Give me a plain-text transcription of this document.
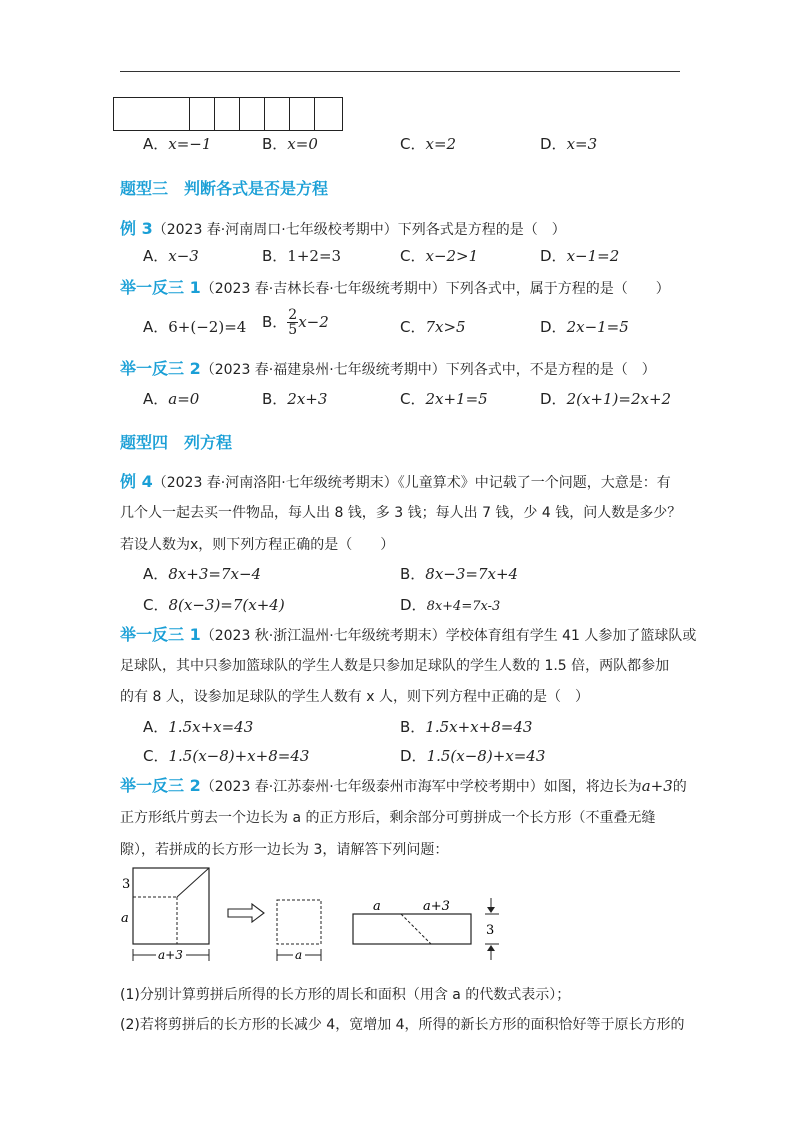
A．x=−1	B．x=0	C．x=2	D．x=3
题型三　判断各式是否是方程
例 3（2023 春·河南周口·七年级校考期中）下列各式是方程的是（　）
A．x−3	B．1+2=3	C．x−2>1	D．x−1=2
举一反三 1（2023 春·吉林长春·七年级统考期中）下列各式中，属于方程的是（　　）
A．6+(−2)=4 B． $\frac{2}{5} x-2$	C．7x>5	D．2x−1=5
举一反三 2（2023 春·福建泉州·七年级统考期中）下列各式中，不是方程的是（　）
A．a=0	B．2x+3	C．2x+1=5	D．2(x+1)=2x+2
题型四　列方程
例 4（2023 春·河南洛阳·七年级统考期末）《儿童算术》中记载了一个问题，大意是：有
几个人一起去买一件物品，每人出 8 钱，多 3 钱；每人出 7 钱，少 4 钱，问人数是多少？
若设人数为x，则下列方程正确的是（　　）
A．8x+3=7x−4	B．8x−3=7x+4
C．8(x−3)=7(x+4)	D．8x+4=7x-3
举一反三 1（2023 秋·浙江温州·七年级统考期末）学校体育组有学生 41 人参加了篮球队或
足球队，其中只参加篮球队的学生人数是只参加足球队的学生人数的 1.5 倍，两队都参加
的有 8 人，设参加足球队的学生人数有 x 人，则下列方程中正确的是（　）
A．1.5x+x=43	B．1.5x+x+8=43
C．1.5(x−8)+x+8=43	D．1.5(x−8)+x=43
举一反三 2（2023 春·江苏泰州·七年级泰州市海军中学校考期中）如图，将边长为a+3的
正方形纸片剪去一个边长为 a 的正方形后，剩余部分可剪拼成一个长方形（不重叠无缝
隙），若拼成的长方形一边长为 3，请解答下列问题：
3
a
a+3	a
a	a+3
3
(1)分别计算剪拼后所得的长方形的周长和面积（用含 a 的代数式表示）；
(2)若将剪拼后的长方形的长减少 4，宽增加 4，所得的新长方形的面积恰好等于原长方形的
